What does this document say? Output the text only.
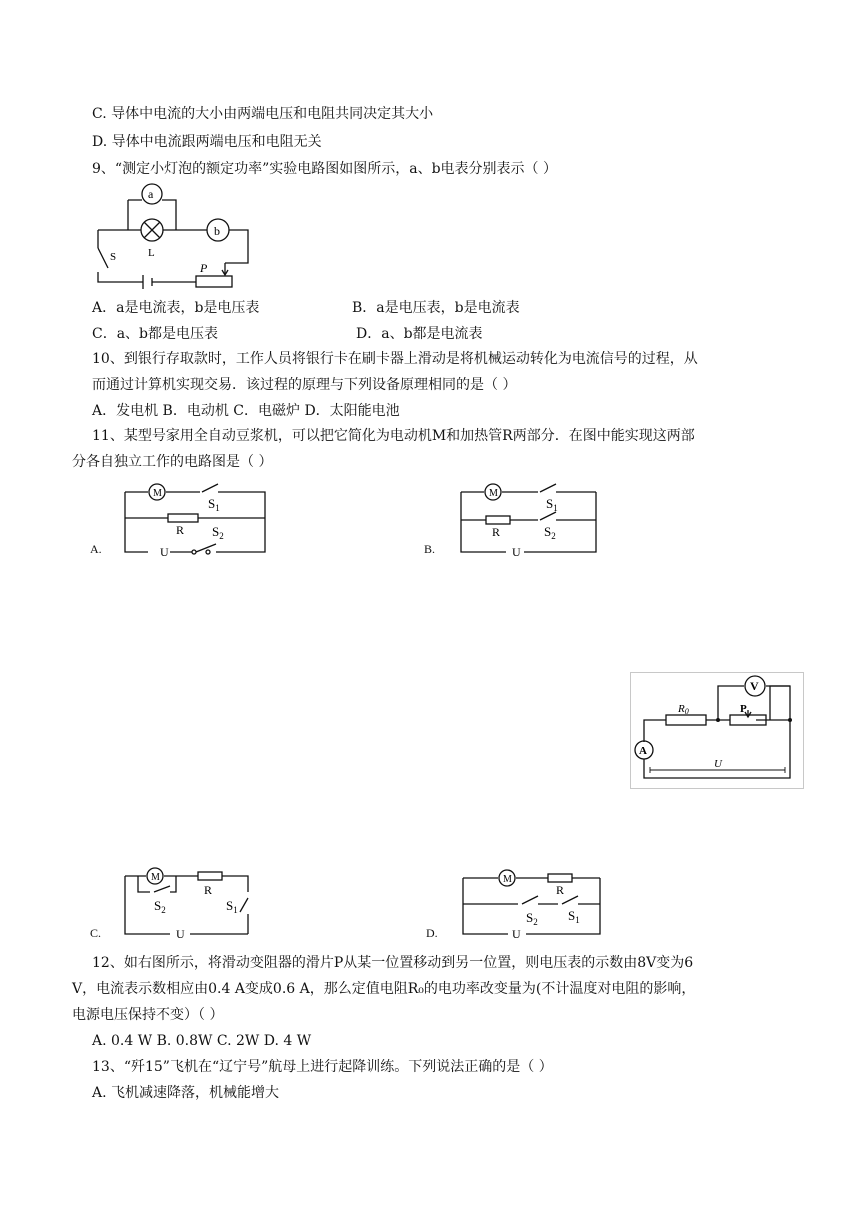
C. 导体中电流的大小由两端电压和电阻共同决定其大小
D. 导体中电流跟两端电压和电阻无关
9、“测定小灯泡的额定功率”实验电路图如图所示，a、b电表分别表示（ ）
a
b
L
S
P
A．a是电流表，b是电压表	B．a是电压表，b是电流表
C．a、b都是电压表	D．a、b都是电流表
10、到银行存取款时，工作人员将银行卡在刷卡器上滑动是将机械运动转化为电流信号的过程，从
而通过计算机实现交易．该过程的原理与下列设备原理相同的是（ ）
A．发电机 B．电动机 C．电磁炉 D．太阳能电池
11、某型号家用全自动豆浆机，可以把它简化为电动机M和加热管R两部分．在图中能实现这两部
分各自独立工作的电路图是（ ）
M
R
U
$S_1$
$S_2$
A.
M
R
U
$S_1$
$S_2$
B.
V
A
R0	P
U
M
R
U
$S_2$	$S_1$
C.
M
R
U
$S_2$ $S_1$
D.
12、如右图所示，将滑动变阻器的滑片P从某一位置移动到另一位置，则电压表的示数由8V变为6
V，电流表示数相应由0.4 A变成0.6 A，那么定值电阻R₀的电功率改变量为(不计温度对电阻的影响，
电源电压保持不变）（ ）
A. 0.4 W B. 0.8W C. 2W D. 4 W
13、“歼15”飞机在“辽宁号”航母上进行起降训练。下列说法正确的是（ ）
A. 飞机减速降落，机械能增大
